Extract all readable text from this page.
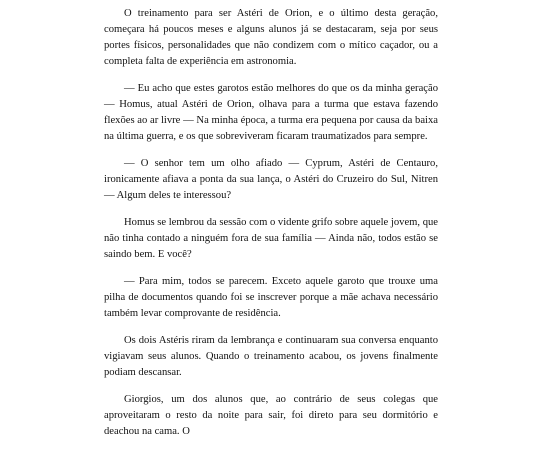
O treinamento para ser Astéri de Orion, e o último desta geração, começara há poucos meses e alguns alunos já se destacaram, seja por seus portes físicos, personalidades que não condizem com o mítico caçador, ou a completa falta de experiência em astronomia.

— Eu acho que estes garotos estão melhores do que os da minha geração — Homus, atual Astéri de Orion, olhava para a turma que estava fazendo flexões ao ar livre — Na minha época, a turma era pequena por causa da baixa na última guerra, e os que sobreviveram ficaram traumatizados para sempre.

— O senhor tem um olho afiado — Cyprum, Astéri de Centauro, ironicamente afiava a ponta da sua lança, o Astéri do Cruzeiro do Sul, Nitren — Algum deles te interessou?

Homus se lembrou da sessão com o vidente grifo sobre aquele jovem, que não tinha contado a ninguém fora de sua família — Ainda não, todos estão se saindo bem. E você?

— Para mim, todos se parecem. Exceto aquele garoto que trouxe uma pilha de documentos quando foi se inscrever porque a mãe achava necessário também levar comprovante de residência.

Os dois Astéris riram da lembrança e continuaram sua conversa enquanto vigiavam seus alunos. Quando o treinamento acabou, os jovens finalmente podiam descansar.

Giorgios, um dos alunos que, ao contrário de seus colegas que aproveitaram o resto da noite para sair, foi direto para seu dormitório e deachou na cama. O
